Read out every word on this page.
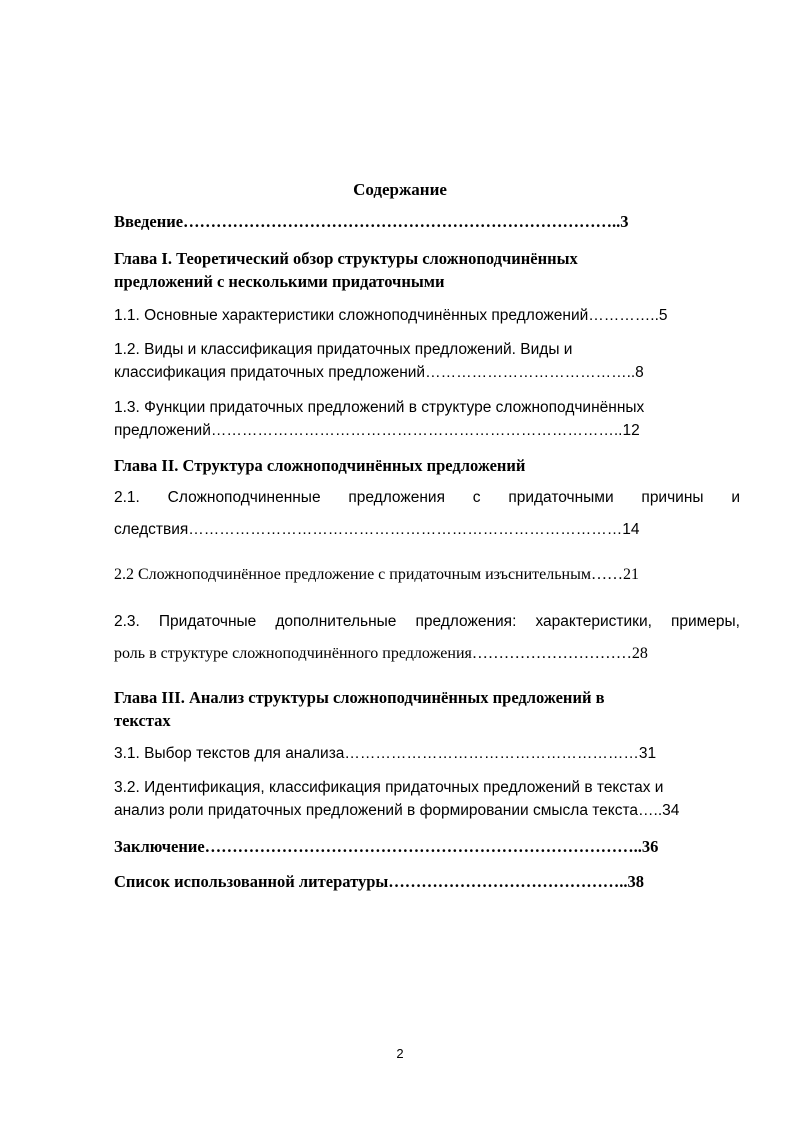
Содержание
Введение……………………………………………………………………..3
Глава I. Теоретический обзор структуры сложноподчинённых
предложений с несколькими придаточными
1.1. Основные характеристики сложноподчинённых предложений…………..5
1.2. Виды и классификация придаточных предложений. Виды и
классификация придаточных предложений…………………………………..8
1.3. Функции придаточных предложений в структуре сложноподчинённых
предложений……………………………………………………………………..12
Глава II. Структура сложноподчинённых предложений
2.1. Сложноподчиненные предложения с придаточными причины и
следствия…………………………………………………………………………14
2.2 Сложноподчинённое предложение с придаточным изъснительным……21
2.3. Придаточные дополнительные предложения: характеристики, примеры,
роль в структуре сложноподчинённого предложения…………………………28
Глава III. Анализ структуры сложноподчинённых предложений в
текстах
3.1. Выбор текстов для анализа…………………………………………………31
3.2. Идентификация, классификация придаточных предложений в текстах и
анализ роли придаточных предложений в формировании смысла текста…..34
Заключение……………………………………………………………………..36
Список использованной литературы……………………………………..38
2
